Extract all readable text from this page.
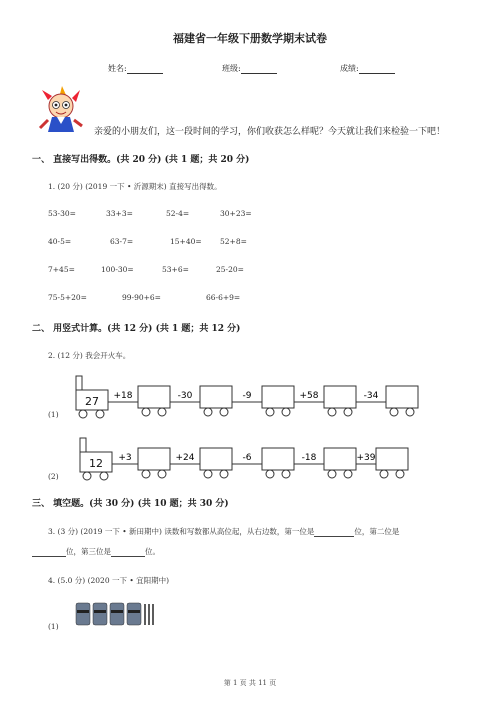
福建省一年级下册数学期末试卷
姓名:	班级:	成绩:
亲爱的小朋友们，这一段时间的学习，你们收获怎么样呢？今天就让我们来检验一下吧！
一、 直接写出得数。(共 20 分) (共 1 题；共 20 分)
1. (20 分) (2019 一下 • 沂源期末) 直接写出得数。
53-30=	33+3=	52-4=	30+23=
40-5=	63-7=	15+40= 52+8=
7+45=	100-30=	53+6=	25-20=
75-5+20=	99-90+6=	66-6+9=
二、 用竖式计算。(共 12 分) (共 1 题；共 12 分)
2. (12 分) 我会开火车。
(1)
27 +18	-30	-9	+58	-34
(2)
12 +3	+24	-6	-18	+39
三、 填空题。(共 30 分) (共 10 题；共 30 分)
3. (3 分) (2019 一下 • 新田期中) 读数和写数都从高位起，从右边数，第一位是	位，第二位是
位，第三位是	位。
4. (5.0 分) (2020 一下 • 宜阳期中)
(1)
第 1 页 共 11 页
